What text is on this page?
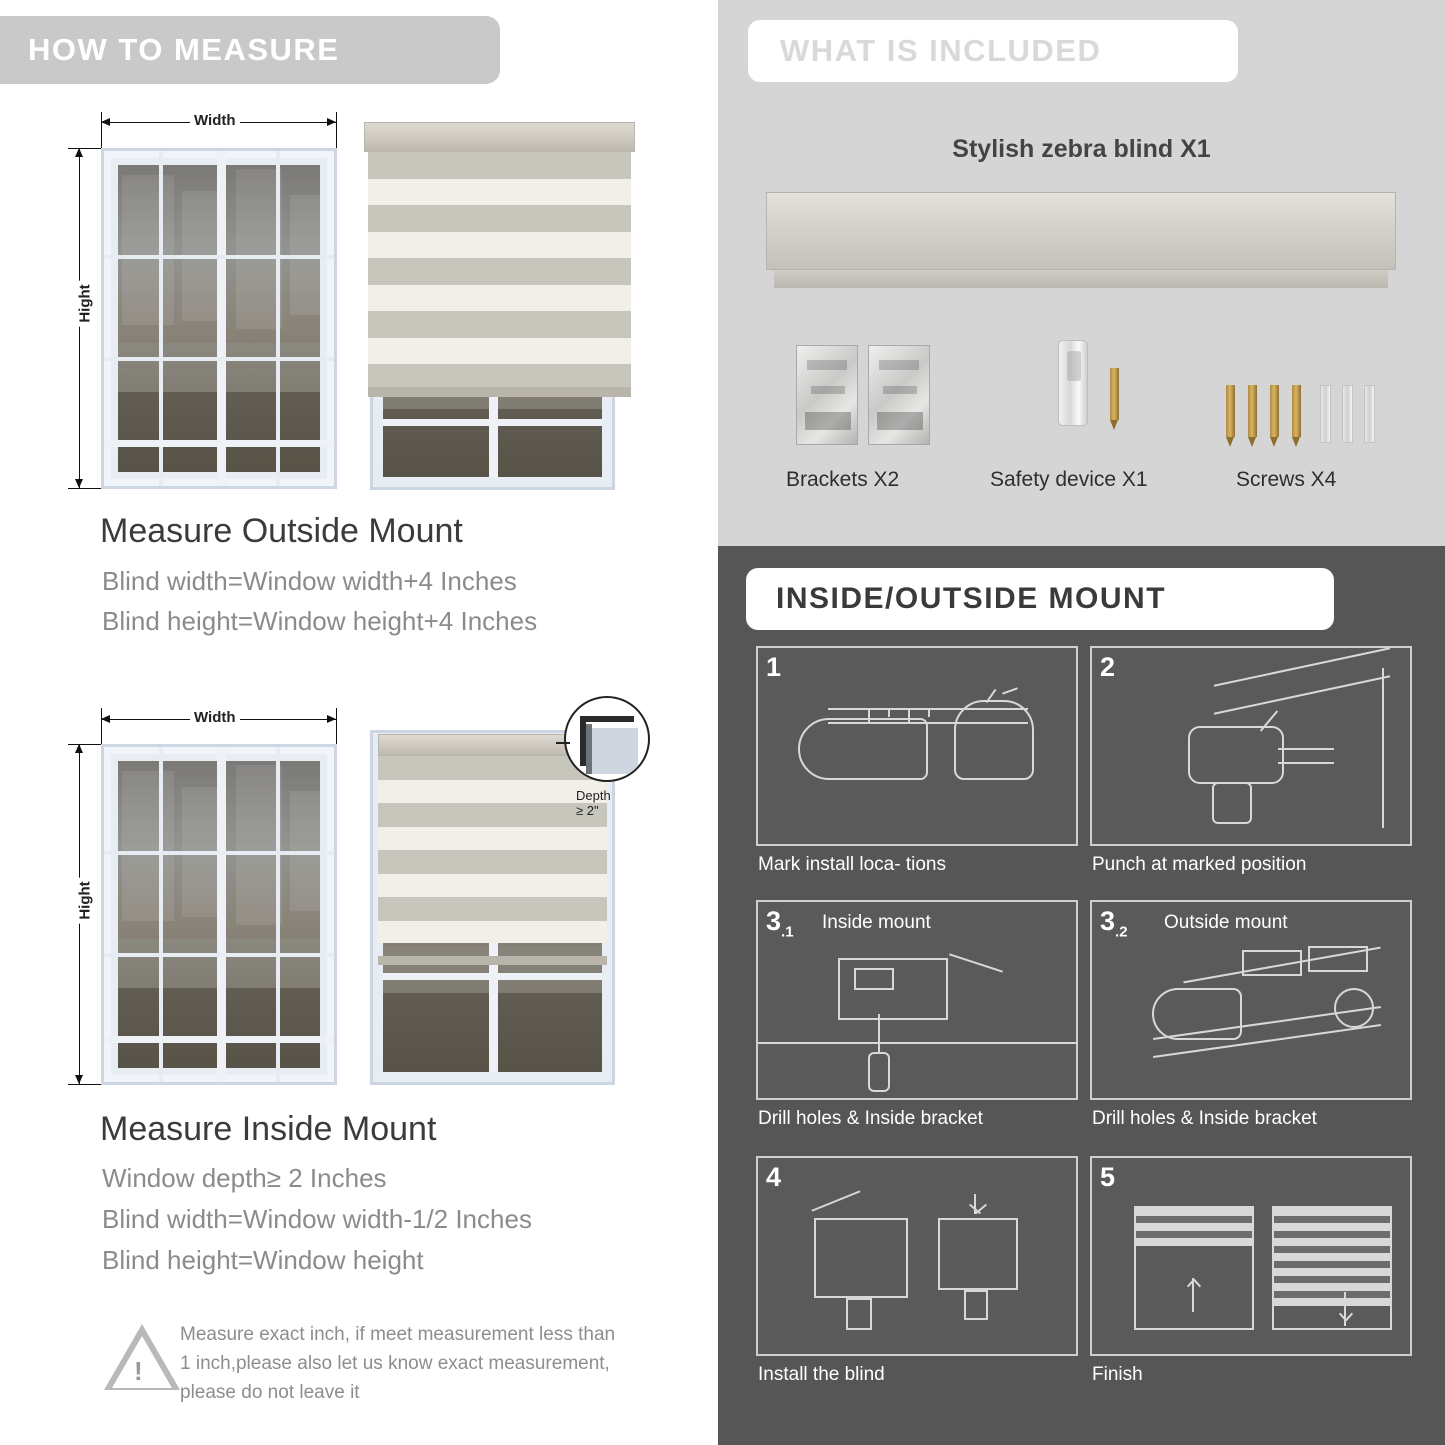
HOW TO MEASURE
Width
Hight
Measure Outside Mount
Blind width=Window width+4 Inches
Blind height=Window height+4 Inches
Width
Hight
Depth ≥ 2"
Measure Inside Mount
Window depth≥ 2 Inches
Blind width=Window width-1/2 Inches
Blind height=Window height
!
Measure exact inch, if meet measurement less than 1 inch,please also let us know exact measurement, please do not leave it
WHAT IS INCLUDED
Stylish zebra blind X1
Brackets X2	Safety device X1	Screws X4
INSIDE/OUTSIDE MOUNT
1
Mark install loca- tions
2
Punch at marked position
$3_{.1}$ Inside mount
Drill holes & Inside bracket
$3_{.2}$ Outside mount
Drill holes & Inside bracket
4
Install the blind
5
Finish
